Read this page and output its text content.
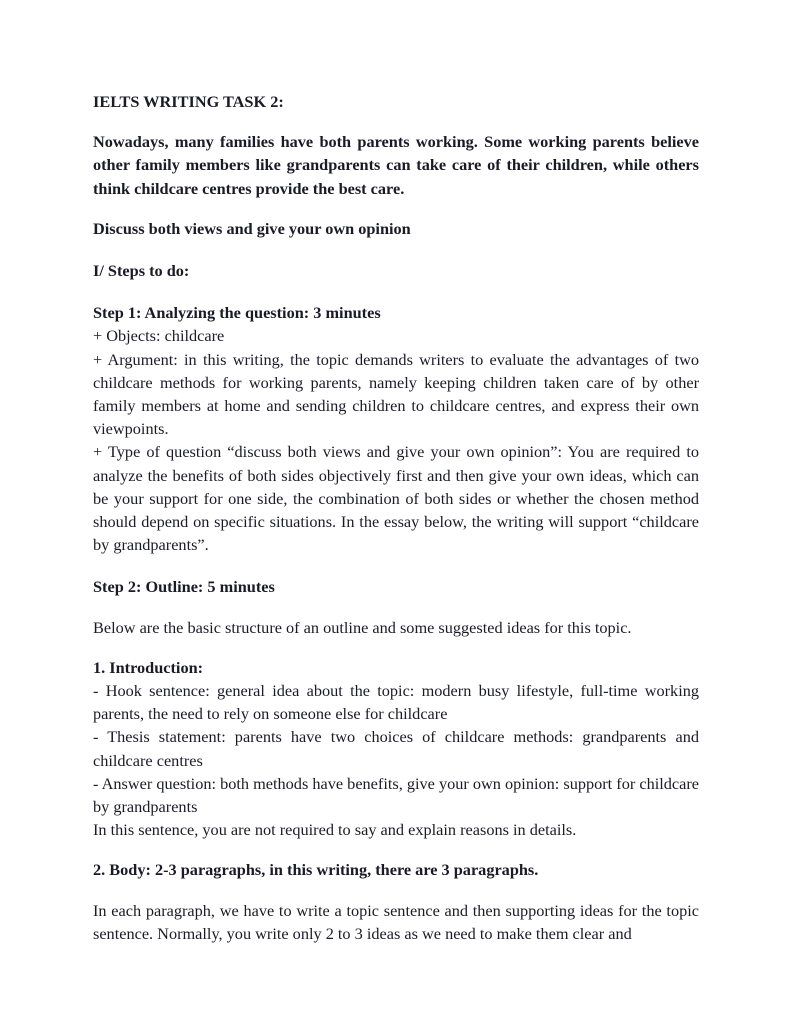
IELTS WRITING TASK 2:
Nowadays, many families have both parents working. Some working parents believe other family members like grandparents can take care of their children, while others think childcare centres provide the best care.
Discuss both views and give your own opinion
I/ Steps to do:
Step 1: Analyzing the question: 3 minutes
+ Objects: childcare
+ Argument: in this writing, the topic demands writers to evaluate the advantages of two childcare methods for working parents, namely keeping children taken care of by other family members at home and sending children to childcare centres, and express their own viewpoints.
+ Type of question “discuss both views and give your own opinion”: You are required to analyze the benefits of both sides objectively first and then give your own ideas, which can be your support for one side, the combination of both sides or whether the chosen method should depend on specific situations. In the essay below, the writing will support “childcare by grandparents”.
Step 2: Outline: 5 minutes
Below are the basic structure of an outline and some suggested ideas for this topic.
1. Introduction:
- Hook sentence: general idea about the topic: modern busy lifestyle, full-time working parents, the need to rely on someone else for childcare
- Thesis statement: parents have two choices of childcare methods: grandparents and childcare centres
- Answer question: both methods have benefits, give your own opinion: support for childcare by grandparents
In this sentence, you are not required to say and explain reasons in details.
2. Body: 2-3 paragraphs, in this writing, there are 3 paragraphs.
In each paragraph, we have to write a topic sentence and then supporting ideas for the topic sentence. Normally, you write only 2 to 3 ideas as we need to make them clear and
